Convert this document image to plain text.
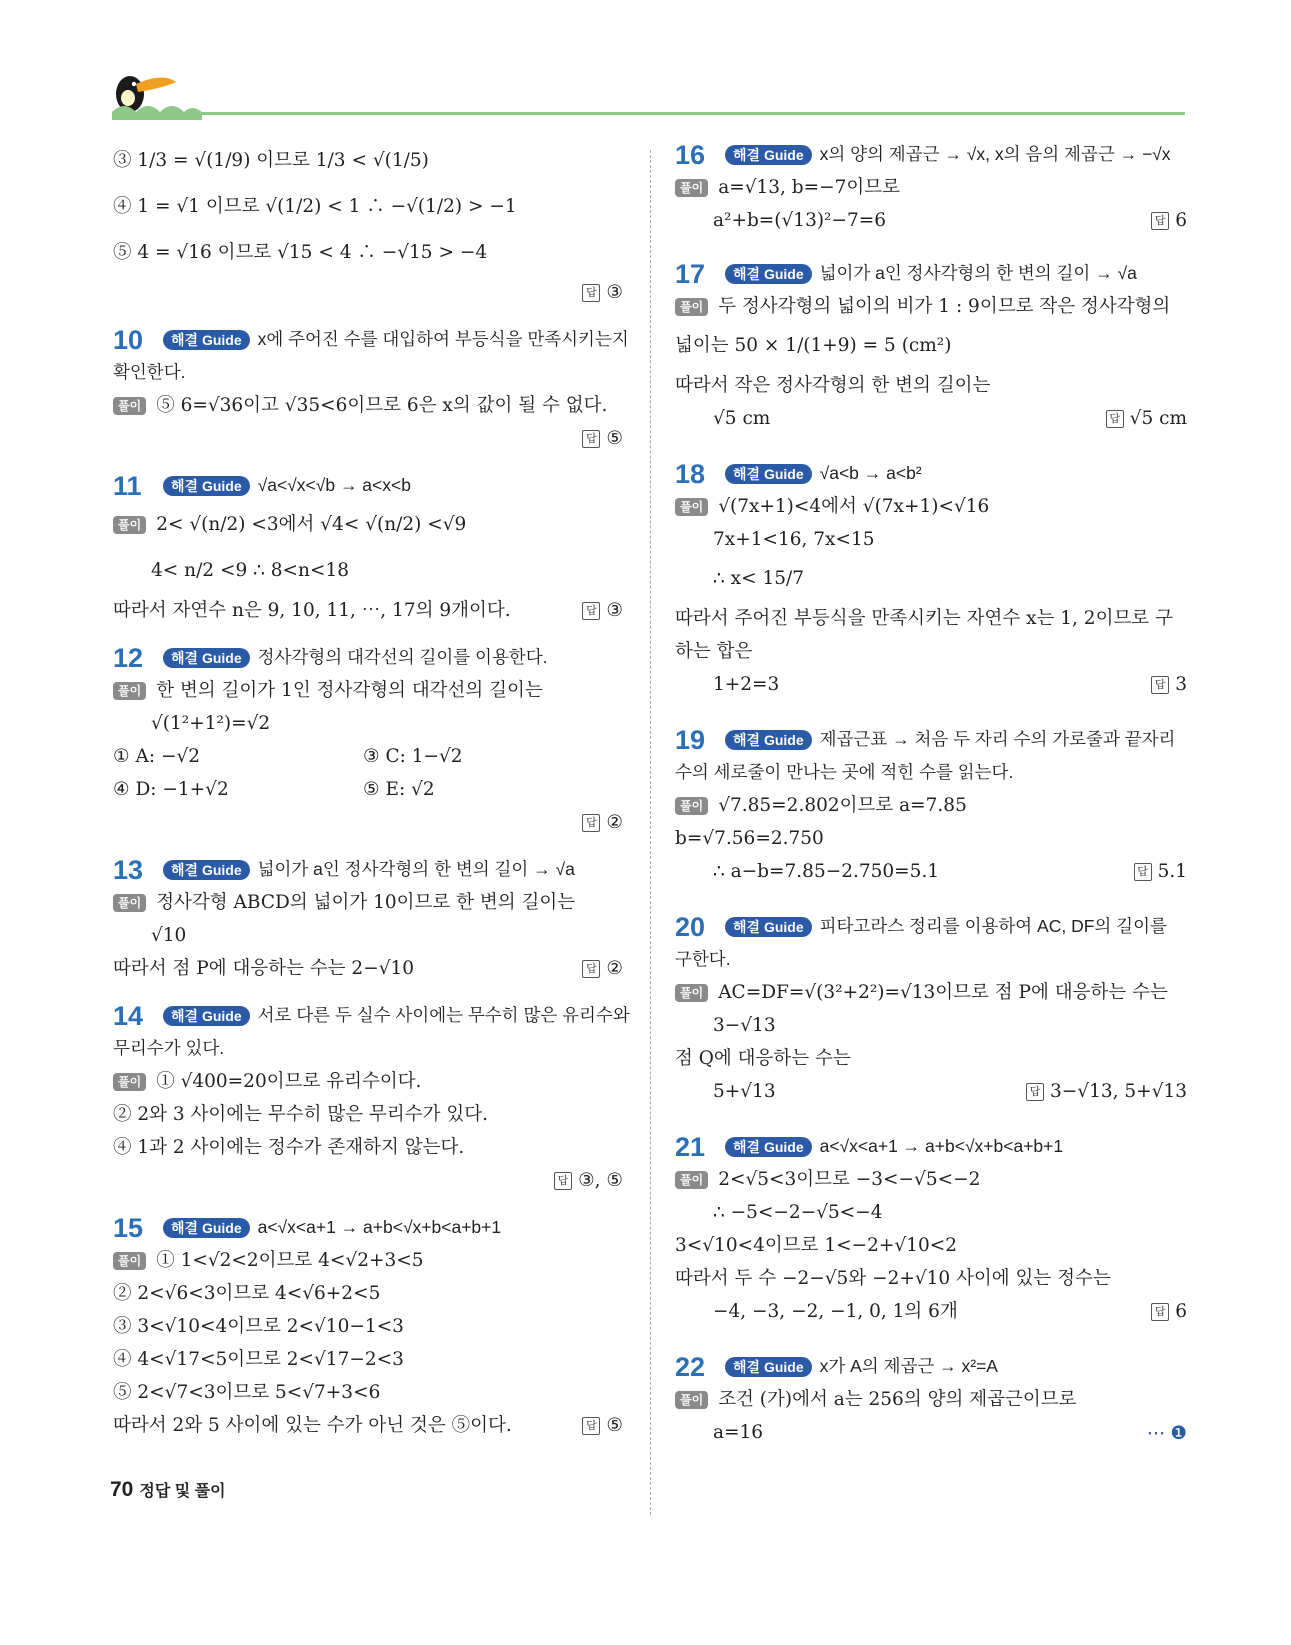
③ 1/3 = √(1/9) 이므로 1/3 < √(1/5)
④ 1 = √1 이므로 √(1/2) < 1 ∴ −√(1/2) > −1
⑤ 4 = √16 이므로 √15 < 4 ∴ −√15 > −4
답 ③
10 해결 Guide x에 주어진 수를 대입하여 부등식을 만족시키는지
확인한다.
풀이 ⑤ 6=√36이고 √35<6이므로 6은 x의 값이 될 수 없다.
답 ⑤
11 해결 Guide √a<√x<√b → a<x<b
풀이 2< √(n/2) <3에서 √4< √(n/2) <√9
4< n/2 <9 ∴ 8<n<18
따라서 자연수 n은 9, 10, 11, ⋯, 17의 9개이다.	답 ③
12 해결 Guide 정사각형의 대각선의 길이를 이용한다.
풀이 한 변의 길이가 1인 정사각형의 대각선의 길이는
√(1²+1²)=√2
① A: −√2	③ C: 1−√2
④ D: −1+√2	⑤ E: √2
답 ②
13 해결 Guide 넓이가 a인 정사각형의 한 변의 길이 → √a
풀이 정사각형 ABCD의 넓이가 10이므로 한 변의 길이는
√10
따라서 점 P에 대응하는 수는 2−√10	답 ②
14 해결 Guide 서로 다른 두 실수 사이에는 무수히 많은 유리수와
무리수가 있다.
풀이 ① √400=20이므로 유리수이다.
② 2와 3 사이에는 무수히 많은 무리수가 있다.
④ 1과 2 사이에는 정수가 존재하지 않는다.
답 ③, ⑤
15 해결 Guide a<√x<a+1 → a+b<√x+b<a+b+1
풀이 ① 1<√2<2이므로 4<√2+3<5
② 2<√6<3이므로 4<√6+2<5
③ 3<√10<4이므로 2<√10−1<3
④ 4<√17<5이므로 2<√17−2<3
⑤ 2<√7<3이므로 5<√7+3<6
따라서 2와 5 사이에 있는 수가 아닌 것은 ⑤이다.	답 ⑤
16 해결 Guide x의 양의 제곱근 → √x, x의 음의 제곱근 → −√x
풀이 a=√13, b=−7이므로
a²+b=(√13)²−7=6	답 6
17 해결 Guide 넓이가 a인 정사각형의 한 변의 길이 → √a
풀이 두 정사각형의 넓이의 비가 1 : 9이므로 작은 정사각형의
넓이는 50 × 1/(1+9) = 5 (cm²)
따라서 작은 정사각형의 한 변의 길이는
√5 cm	답 √5 cm
18 해결 Guide √a<b → a<b²
풀이 √(7x+1)<4에서 √(7x+1)<√16
7x+1<16, 7x<15
∴ x< 15/7
따라서 주어진 부등식을 만족시키는 자연수 x는 1, 2이므로 구
하는 합은
1+2=3	답 3
19 해결 Guide 제곱근표 → 처음 두 자리 수의 가로줄과 끝자리
수의 세로줄이 만나는 곳에 적힌 수를 읽는다.
풀이 √7.85=2.802이므로 a=7.85
b=√7.56=2.750
∴ a−b=7.85−2.750=5.1	답 5.1
20 해결 Guide 피타고라스 정리를 이용하여 AC, DF의 길이를
구한다.
풀이 AC=DF=√(3²+2²)=√13이므로 점 P에 대응하는 수는
3−√13
점 Q에 대응하는 수는
5+√13	답 3−√13, 5+√13
21 해결 Guide a<√x<a+1 → a+b<√x+b<a+b+1
풀이 2<√5<3이므로 −3<−√5<−2
∴ −5<−2−√5<−4
3<√10<4이므로 1<−2+√10<2
따라서 두 수 −2−√5와 −2+√10 사이에 있는 정수는
−4, −3, −2, −1, 0, 1의 6개	답 6
22 해결 Guide x가 A의 제곱근 → x²=A
풀이 조건 (가)에서 a는 256의 양의 제곱근이므로
a=16	⋯ ❶
70 정답 및 풀이
